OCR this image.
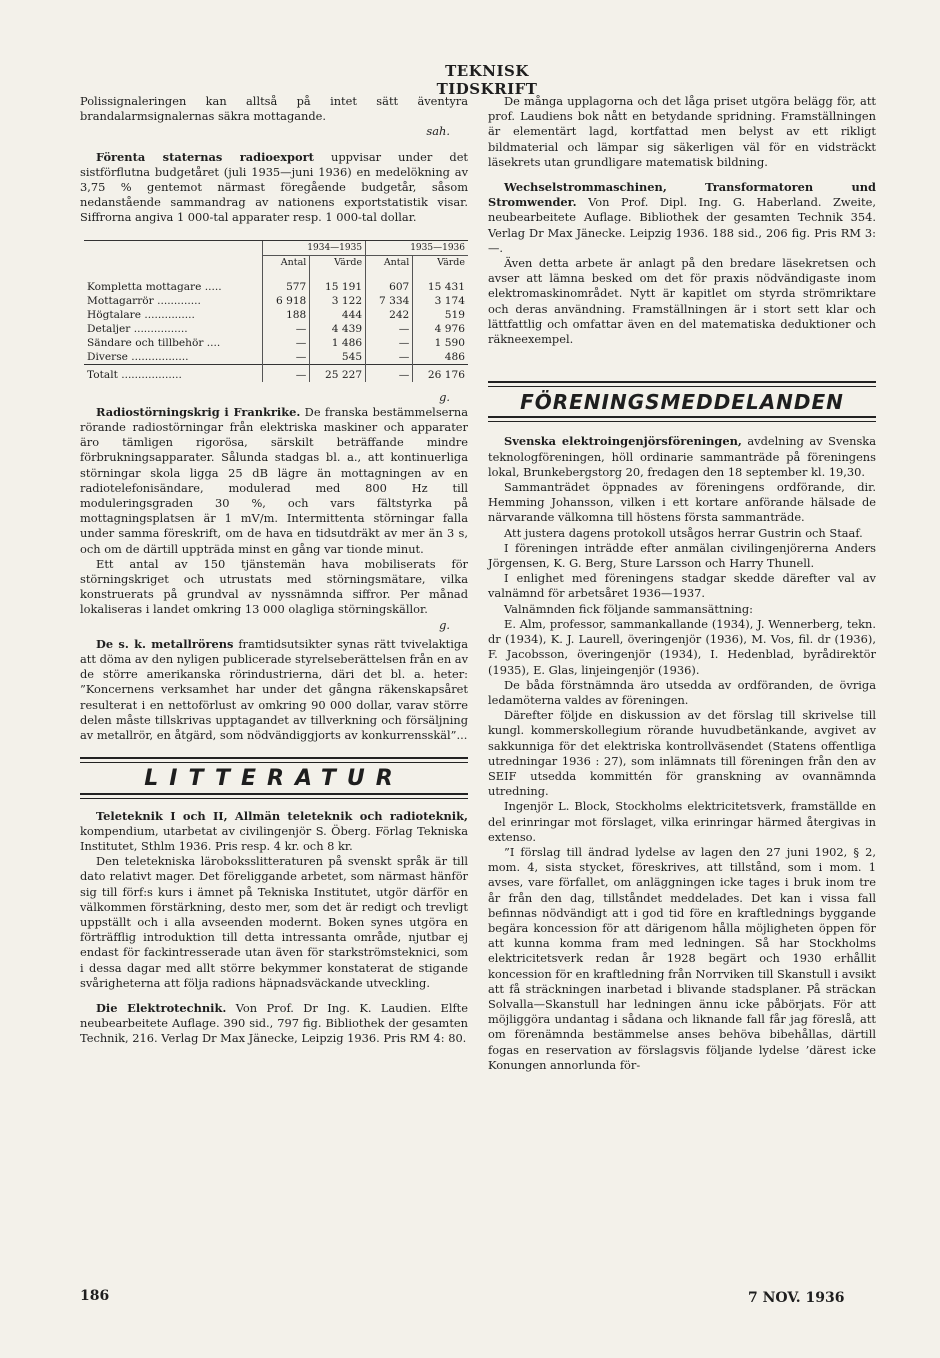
TEKNISK TIDSKRIFT

Polissignaleringen kan alltså på intet sätt äventyra brandalarmsignalernas säkra mottagande.

sah.

Förenta staternas radioexport uppvisar under det sistförflutna budgetåret (juli 1935—juni 1936) en medelökning av 3,75 % gentemot närmast föregående budgetår, såsom nedanstående sammandrag av nationens exportstatistik visar. Siffrorna angiva 1 000-tal apparater resp. 1 000-tal dollar.

	1934—1935		1935—1936	
	Antal	Värde	Antal	Värde

Kompletta mottagare .....	577	15 191	607	15 431
Mottagarrör .............	6 918	3 122	7 334	3 174
Högtalare ...............	188	444	242	519
Detaljer ................	—	4 439	—	4 976
Sändare och tillbehör ....	—	1 486	—	1 590
Diverse .................	—	545	—	486
Totalt ..................	—	25 227	—	26 176

g.

Radiostörningskrig i Frankrike. De franska bestämmelserna rörande radiostörningar från elektriska maskiner och apparater äro tämligen rigorösa, särskilt beträffande mindre förbrukningsapparater. Sålunda stadgas bl. a., att kontinuerliga störningar skola ligga 25 dB lägre än mottagningen av en radiotelefonisändare, modulerad med 800 Hz till moduleringsgraden 30 %, och vars fältstyrka på mottagningsplatsen är 1 mV/m. Intermittenta störningar falla under samma föreskrift, om de hava en tidsutdräkt av mer än 3 s, och om de därtill uppträda minst en gång var tionde minut.

Ett antal av 150 tjänstemän hava mobiliserats för störningskriget och utrustats med störningsmätare, vilka konstruerats på grundval av nyssnämnda siffror. Per månad lokaliseras i landet omkring 13 000 olagliga störningskällor.

g.

De s. k. metallrörens framtidsutsikter synas rätt tvivelaktiga att döma av den nyligen publicerade styrelseberättelsen från en av de större amerikanska rörindustrierna, däri det bl. a. heter: ”Koncernens verksamhet har under det gångna räkenskapsåret resulterat i en nettoförlust av omkring 90 000 dollar, varav större delen måste tillskrivas upptagandet av tillverkning och försäljning av metallrör, en åtgärd, som nödvändiggjorts av konkurrensskäl”...

LITTERATUR

Teleteknik I och II, Allmän teleteknik och radioteknik, kompendium, utarbetat av civilingenjör S. Öberg. Förlag Tekniska Institutet, Sthlm 1936. Pris resp. 4 kr. och 8 kr.

Den teletekniska läroboksslitteraturen på svenskt språk är till dato relativt mager. Det föreliggande arbetet, som närmast hänför sig till förf:s kurs i ämnet på Tekniska Institutet, utgör därför en välkommen förstärkning, desto mer, som det är redigt och trevligt uppställt och i alla avseenden modernt. Boken synes utgöra en förträfflig introduktion till detta intressanta område, njutbar ej endast för fackintresserade utan även för starkströmsteknici, som i dessa dagar med allt större bekymmer konstaterat de stigande svårigheterna att följa radions häpnadsväckande utveckling.

Die Elektrotechnik. Von Prof. Dr Ing. K. Laudien. Elfte neubearbeitete Auflage. 390 sid., 797 fig. Bibliothek der gesamten Technik, 216. Verlag Dr Max Jänecke, Leipzig 1936. Pris RM 4: 80.

De många upplagorna och det låga priset utgöra belägg för, att prof. Laudiens bok nått en betydande spridning. Framställningen är elementärt lagd, kortfattad men belyst av ett rikligt bildmaterial och lämpar sig säkerligen väl för en vidsträckt läsekrets utan grundligare matematisk bildning.

Wechselstrommaschinen, Transformatoren und Stromwender. Von Prof. Dipl. Ing. G. Haberland. Zweite, neubearbeitete Auflage. Bibliothek der gesamten Technik 354. Verlag Dr Max Jänecke. Leipzig 1936. 188 sid., 206 fig. Pris RM 3: —.

Även detta arbete är anlagt på den bredare läsekretsen och avser att lämna besked om det för praxis nödvändigaste inom elektromaskinområdet. Nytt är kapitlet om styrda strömriktare och deras användning. Framställningen är i stort sett klar och lättfattlig och omfattar även en del matematiska deduktioner och räkneexempel.

FÖRENINGSMEDDELANDEN

Svenska elektroingenjörsföreningen, avdelning av Svenska teknologföreningen, höll ordinarie sammanträde på föreningens lokal, Brunkebergstorg 20, fredagen den 18 september kl. 19,30.

Sammanträdet öppnades av föreningens ordförande, dir. Hemming Johansson, vilken i ett kortare anförande hälsade de närvarande välkomna till höstens första sammanträde.

Att justera dagens protokoll utsågos herrar Gustrin och Staaf.

I föreningen inträdde efter anmälan civilingenjörerna Anders Jörgensen, K. G. Berg, Sture Larsson och Harry Thunell.

I enlighet med föreningens stadgar skedde därefter val av valnämnd för arbetsåret 1936—1937.

Valnämnden fick följande sammansättning:

E. Alm, professor, sammankallande (1934), J. Wennerberg, tekn. dr (1934), K. J. Laurell, överingenjör (1936), M. Vos, fil. dr (1936), F. Jacobsson, överingenjör (1934), I. Hedenblad, byrådirektör (1935), E. Glas, linjeingenjör (1936).

De båda förstnämnda äro utsedda av ordföranden, de övriga ledamöterna valdes av föreningen.

Därefter följde en diskussion av det förslag till skrivelse till kungl. kommerskollegium rörande huvudbetänkande, avgivet av sakkunniga för det elektriska kontrollväsendet (Statens offentliga utredningar 1936 : 27), som inlämnats till föreningen från den av SEIF utsedda kommittén för granskning av ovannämnda utredning.

Ingenjör L. Block, Stockholms elektricitetsverk, framställde en del erinringar mot förslaget, vilka erinringar härmed återgivas in extenso.

”I förslag till ändrad lydelse av lagen den 27 juni 1902, § 2, mom. 4, sista stycket, föreskrives, att tillstånd, som i mom. 1 avses, vare förfallet, om anläggningen icke tages i bruk inom tre år från den dag, tillståndet meddelades. Det kan i vissa fall befinnas nödvändigt att i god tid före en kraftlednings byggande begära koncession för att därigenom hålla möjligheten öppen för att kunna komma fram med ledningen. Så har Stockholms elektricitetsverk redan år 1928 begärt och 1930 erhållit koncession för en kraftledning från Norrviken till Skanstull i avsikt att få sträckningen inarbetad i blivande stadsplaner. På sträckan Solvalla—Skanstull har ledningen ännu icke påbörjats. För att möjliggöra undantag i sådana och liknande fall får jag föreslå, att om förenämnda bestämmelse anses behöva bibehållas, därtill fogas en reservation av förslagsvis följande lydelse ’därest icke Konungen annorlunda för-

186	7 NOV. 1936
